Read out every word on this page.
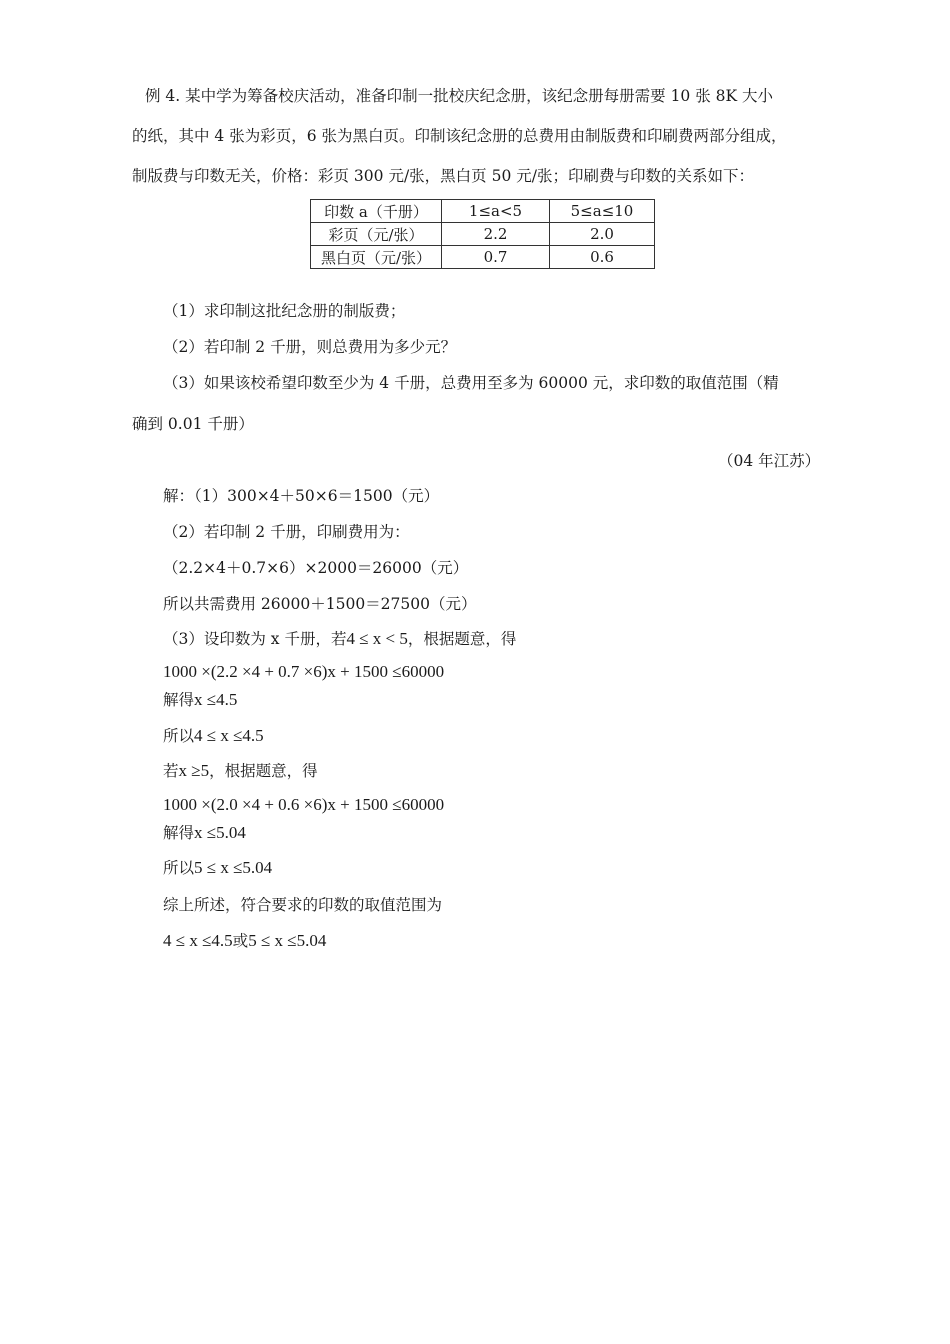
例 4. 某中学为筹备校庆活动，准备印制一批校庆纪念册，该纪念册每册需要 10 张 8K 大小
的纸，其中 4 张为彩页，6 张为黑白页。印制该纪念册的总费用由制版费和印刷费两部分组成，
制版费与印数无关，价格：彩页 300 元/张，黑白页 50 元/张；印刷费与印数的关系如下：
印数 a（千册）	1≤a<5	5≤a≤10
彩页（元/张）	2.2	2.0
黑白页（元/张）	0.7	0.6
（1）求印制这批纪念册的制版费；
（2）若印制 2 千册，则总费用为多少元？
（3）如果该校希望印数至少为 4 千册，总费用至多为 60000 元，求印数的取值范围（精
确到 0.01 千册）
（04 年江苏）
解：（1）300×4＋50×6＝1500（元）
（2）若印制 2 千册，印刷费用为：
（2.2×4＋0.7×6）×2000＝26000（元）
所以共需费用 26000＋1500＝27500（元）
（3）设印数为 x 千册，若4 ≤ x < 5，根据题意，得
1000 ×(2.2 ×4 + 0.7 ×6)x + 1500 ≤60000
解得x ≤4.5
所以4 ≤ x ≤4.5
若x ≥5，根据题意，得
1000 ×(2.0 ×4 + 0.6 ×6)x + 1500 ≤60000
解得x ≤5.04
所以5 ≤ x ≤5.04
综上所述，符合要求的印数的取值范围为
4 ≤ x ≤4.5或5 ≤ x ≤5.04
